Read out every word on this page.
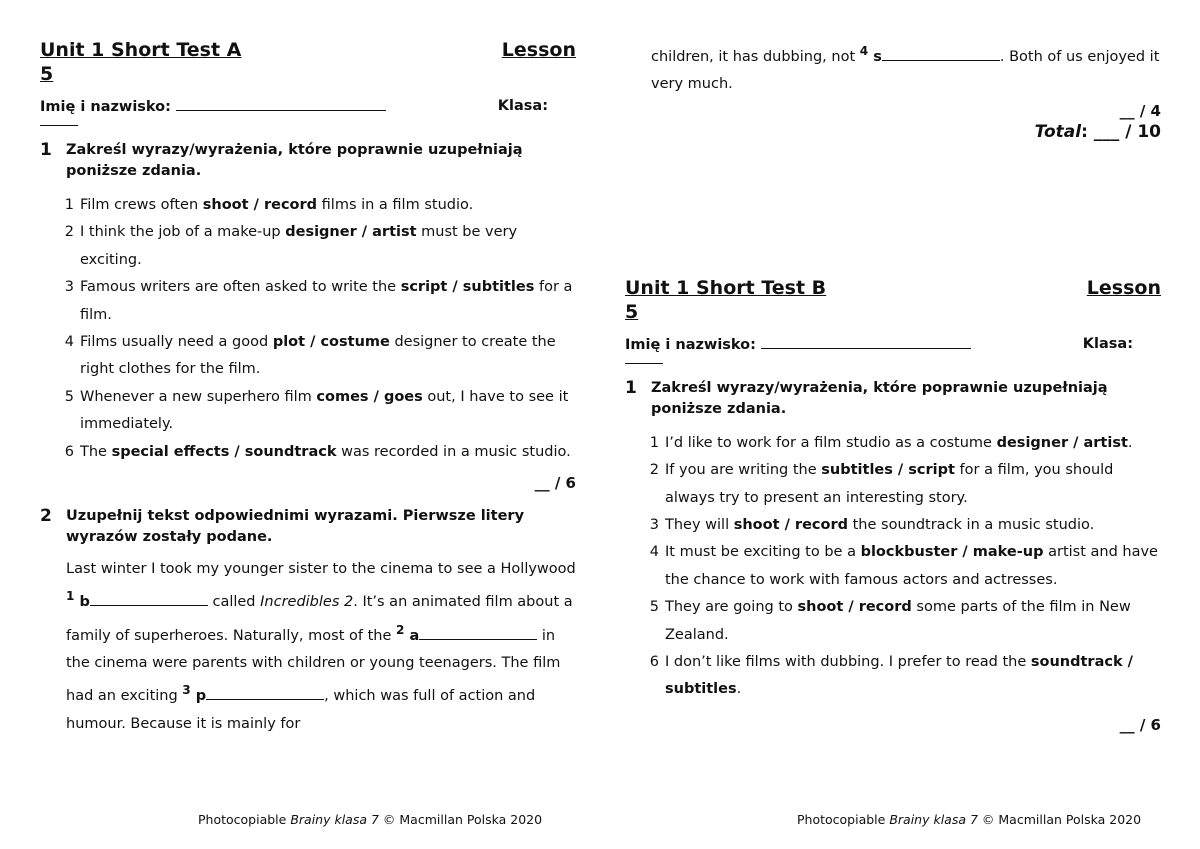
Unit 1 Short Test A	Lesson
5
Imię i nazwisko:	Klasa:
1 Zakreśl wyrazy/wyrażenia, które poprawnie uzupełniają poniższe zdania.
1 Film crews often shoot / record films in a film studio.
2 I think the job of a make-up designer / artist must be very exciting.
3 Famous writers are often asked to write the script / subtitles for a film.
4 Films usually need a good plot / costume designer to create the right clothes for the film.
5 Whenever a new superhero film comes / goes out, I have to see it immediately.
6 The special effects / soundtrack was recorded in a music studio.
__ / 6
2 Uzupełnij tekst odpowiednimi wyrazami. Pierwsze litery wyrazów zostały podane.
Last winter I took my younger sister to the cinema to see a Hollywood $^1$ b	called Incredibles 2. It’s an animated film about a family of superheroes. Naturally, most of the $^2$ a	in the cinema were parents with children or young teenagers. The film had an exciting $^3$ p	, which was full of action and humour. Because it is mainly for
children, it has dubbing, not $^4$ s	. Both of us enjoyed it very much.
__ / 4
Total: ___ / 10
Unit 1 Short Test B	Lesson
5
Imię i nazwisko:	Klasa:
1 Zakreśl wyrazy/wyrażenia, które poprawnie uzupełniają poniższe zdania.
1 I’d like to work for a film studio as a costume designer / artist.
2 If you are writing the subtitles / script for a film, you should always try to present an interesting story.
3 They will shoot / record the soundtrack in a music studio.
4 It must be exciting to be a blockbuster / make-up artist and have the chance to work with famous actors and actresses.
5 They are going to shoot / record some parts of the film in New Zealand.
6 I don’t like films with dubbing. I prefer to read the soundtrack / subtitles.
__ / 6
Photocopiable Brainy klasa 7 © Macmillan Polska 2020	Photocopiable Brainy klasa 7 © Macmillan Polska 2020
